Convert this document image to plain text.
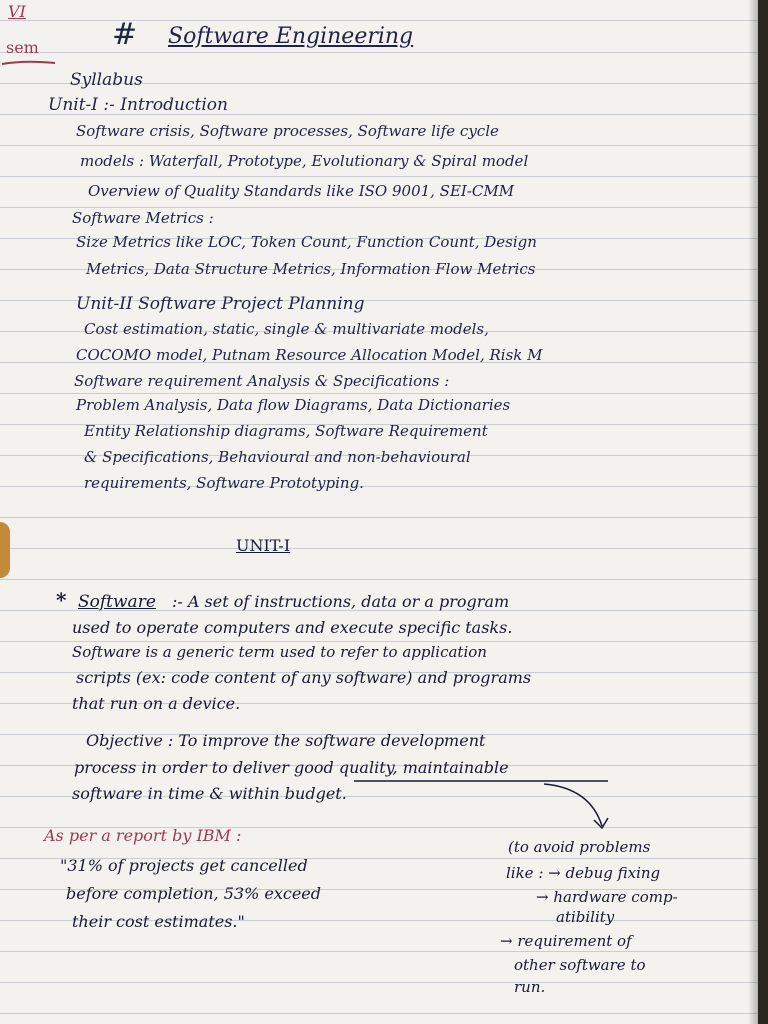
VI
sem # Software Engineering
Syllabus
Unit-I :- Introduction
Software crisis, Software processes, Software life cycle
models : Waterfall, Prototype, Evolutionary & Spiral model
Overview of Quality Standards like ISO 9001, SEI-CMM
Software Metrics :
Size Metrics like LOC, Token Count, Function Count, Design
Metrics, Data Structure Metrics, Information Flow Metrics
Unit-II Software Project Planning
Cost estimation, static, single & multivariate models,
COCOMO model, Putnam Resource Allocation Model, Risk M
Software requirement Analysis & Specifications :
Problem Analysis, Data flow Diagrams, Data Dictionaries
Entity Relationship diagrams, Software Requirement
& Specifications, Behavioural and non-behavioural
requirements, Software Prototyping.
UNIT-I
* Software :- A set of instructions, data or a program
used to operate computers and execute specific tasks.
Software is a generic term used to refer to application
scripts (ex: code content of any software) and programs
that run on a device.
Objective : To improve the software development
process in order to deliver good quality, maintainable
software in time & within budget.
As per a report by IBM :
"31% of projects get cancelled
before completion, 53% exceed
their cost estimates."
(to avoid problems
like : → debug fixing
→ hardware comp-
atibility
→ requirement of
other software to
run.
